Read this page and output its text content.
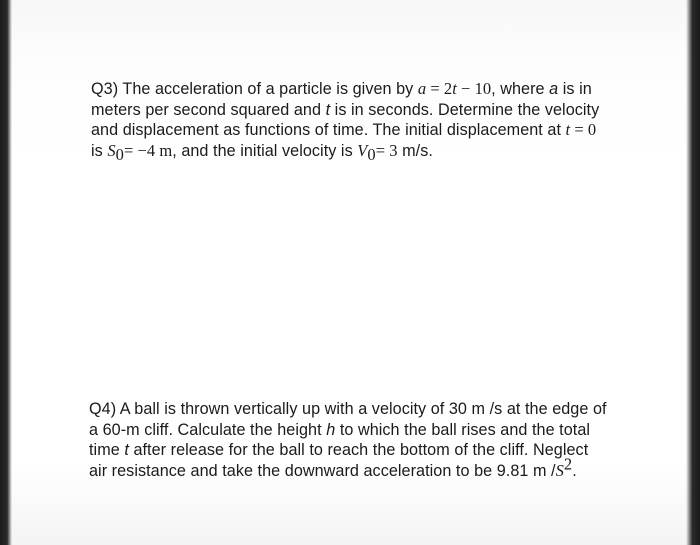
Q3) The acceleration of a particle is given by a = 2t − 10, where a is in meters per second squared and t is in seconds. Determine the velocity and displacement as functions of time. The initial displacement at t = 0 is $S_0= -4$ m, and the initial velocity is $V_0= 3$ m/s.
Q4) A ball is thrown vertically up with a velocity of 30 m /s at the edge of a 60-m cliff. Calculate the height h to which the ball rises and the total time t after release for the ball to reach the bottom of the cliff. Neglect air resistance and take the downward acceleration to be 9.81 m $/S^2$.
